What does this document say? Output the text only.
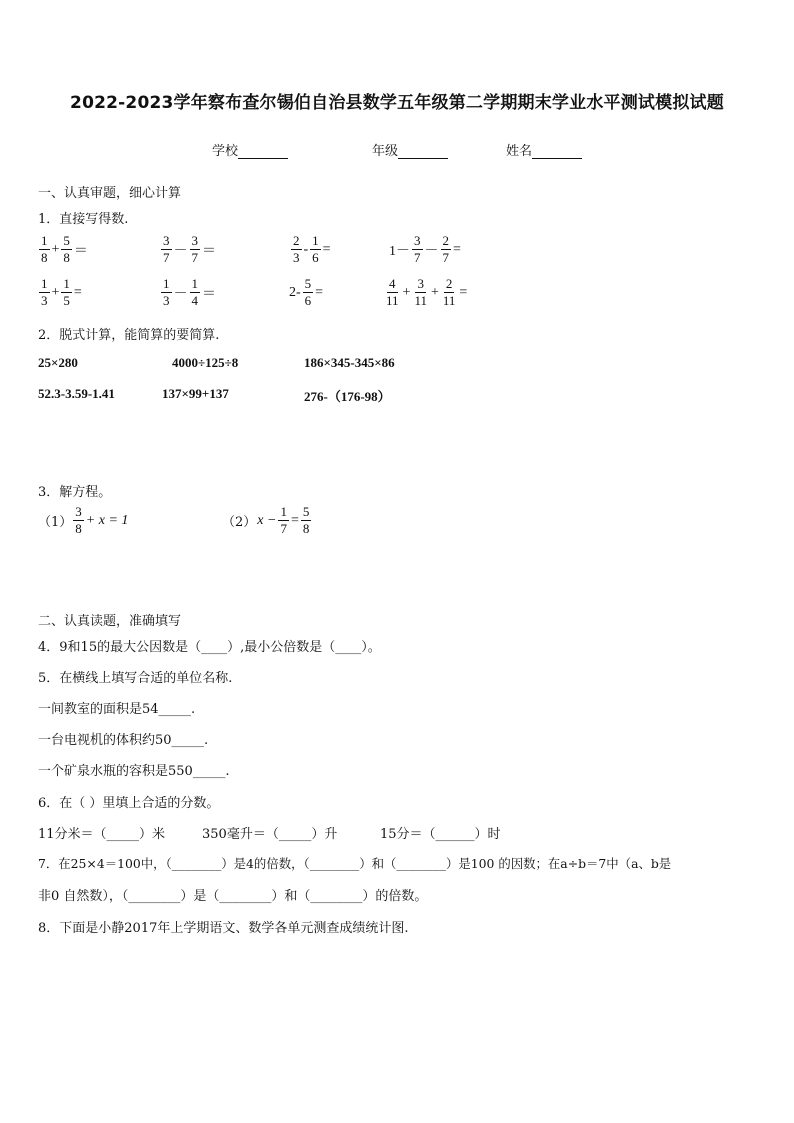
2022-2023学年察布查尔锡伯自治县数学五年级第二学期期末学业水平测试模拟试题
学校	年级	姓名
一、认真审题，细心计算
1．直接写得数.
$\frac{1}{8} + \frac{5}{8}$ ＝	$\frac{3}{7} - \frac{3}{7}$ ＝	$\frac{2}{3} - \frac{1}{6}$ =	$1- \frac{3}{7} - \frac{2}{7}$ =
$\frac{1}{3} + \frac{1}{5}$ =	$\frac{1}{3} - \frac{1}{4}$ ＝	$2- \frac{5}{6}$ =	$\frac{4}{11} + \frac{3}{11} + \frac{2}{11}$ =
2．脱式计算，能简算的要简算.
25×280	4000÷125÷8	186×345-345×86
52.3-3.59-1.41	137×99+137	276-（176-98）
3．解方程。
$(1) \frac{3}{8} + x = 1$	（2） $x - \frac{1}{7} = \frac{5}{8}$
二、认真读题，准确填写
4．9和15的最大公因数是（____）,最小公倍数是（____）。
5．在横线上填写合适的单位名称.
一间教室的面积是54_____.
一台电视机的体积约50_____.
一个矿泉水瓶的容积是550_____.
6．在（ ）里填上合适的分数。
11分米＝（_____）米	350毫升＝（_____）升	15分＝（______）时
7．在25×4＝100中，（________）是4的倍数，（________）和（________）是100 的因数；在a÷b＝7中（a、b是
非0 自然数），（________）是（________）和（________）的倍数。
8．下面是小静2017年上学期语文、数学各单元测查成绩统计图.
